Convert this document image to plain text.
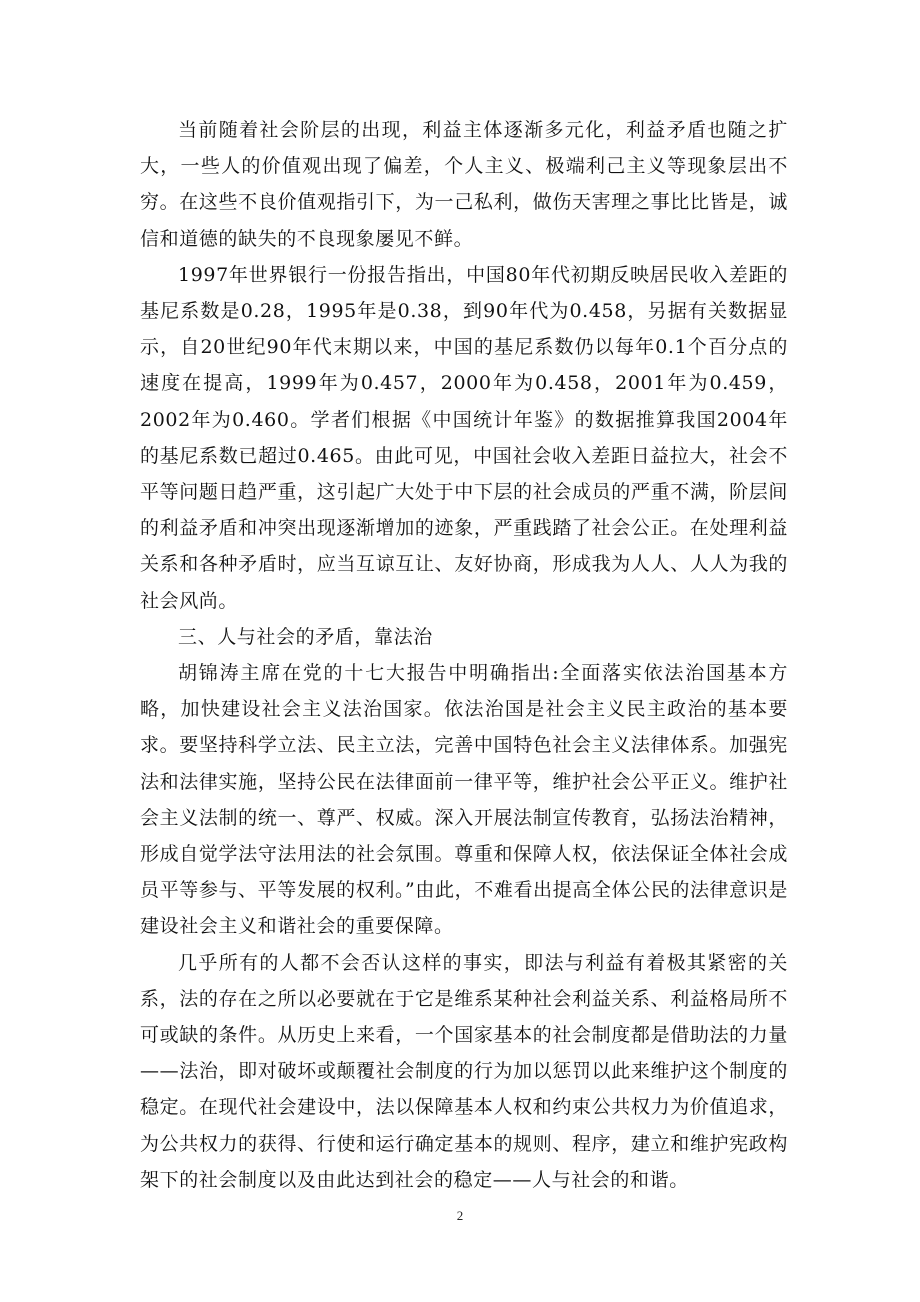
当前随着社会阶层的出现，利益主体逐渐多元化，利益矛盾也随之扩大，一些人的价值观出现了偏差，个人主义、极端利己主义等现象层出不穷。在这些不良价值观指引下，为一己私利，做伤天害理之事比比皆是，诚信和道德的缺失的不良现象屡见不鲜。

1997年世界银行一份报告指出，中国80年代初期反映居民收入差距的基尼系数是0.28，1995年是0.38，到90年代为0.458，另据有关数据显示，自20世纪90年代末期以来，中国的基尼系数仍以每年0.1个百分点的速度在提高，1999年为0.457，2000年为0.458，2001年为0.459，2002年为0.460。学者们根据《中国统计年鉴》的数据推算我国2004年的基尼系数已超过0.465。由此可见，中国社会收入差距日益拉大，社会不平等问题日趋严重，这引起广大处于中下层的社会成员的严重不满，阶层间的利益矛盾和冲突出现逐渐增加的迹象，严重践踏了社会公正。在处理利益关系和各种矛盾时，应当互谅互让、友好协商，形成我为人人、人人为我的社会风尚。

三、人与社会的矛盾，靠法治

胡锦涛主席在党的十七大报告中明确指出:全面落实依法治国基本方略，加快建设社会主义法治国家。依法治国是社会主义民主政治的基本要求。要坚持科学立法、民主立法，完善中国特色社会主义法律体系。加强宪法和法律实施，坚持公民在法律面前一律平等，维护社会公平正义。维护社会主义法制的统一、尊严、权威。深入开展法制宣传教育，弘扬法治精神，形成自觉学法守法用法的社会氛围。尊重和保障人权，依法保证全体社会成员平等参与、平等发展的权利。”由此，不难看出提高全体公民的法律意识是建设社会主义和谐社会的重要保障。

几乎所有的人都不会否认这样的事实，即法与利益有着极其紧密的关系，法的存在之所以必要就在于它是维系某种社会利益关系、利益格局所不可或缺的条件。从历史上来看，一个国家基本的社会制度都是借助法的力量——法治，即对破坏或颠覆社会制度的行为加以惩罚以此来维护这个制度的稳定。在现代社会建设中，法以保障基本人权和约束公共权力为价值追求，为公共权力的获得、行使和运行确定基本的规则、程序，建立和维护宪政构架下的社会制度以及由此达到社会的稳定——人与社会的和谐。

2
